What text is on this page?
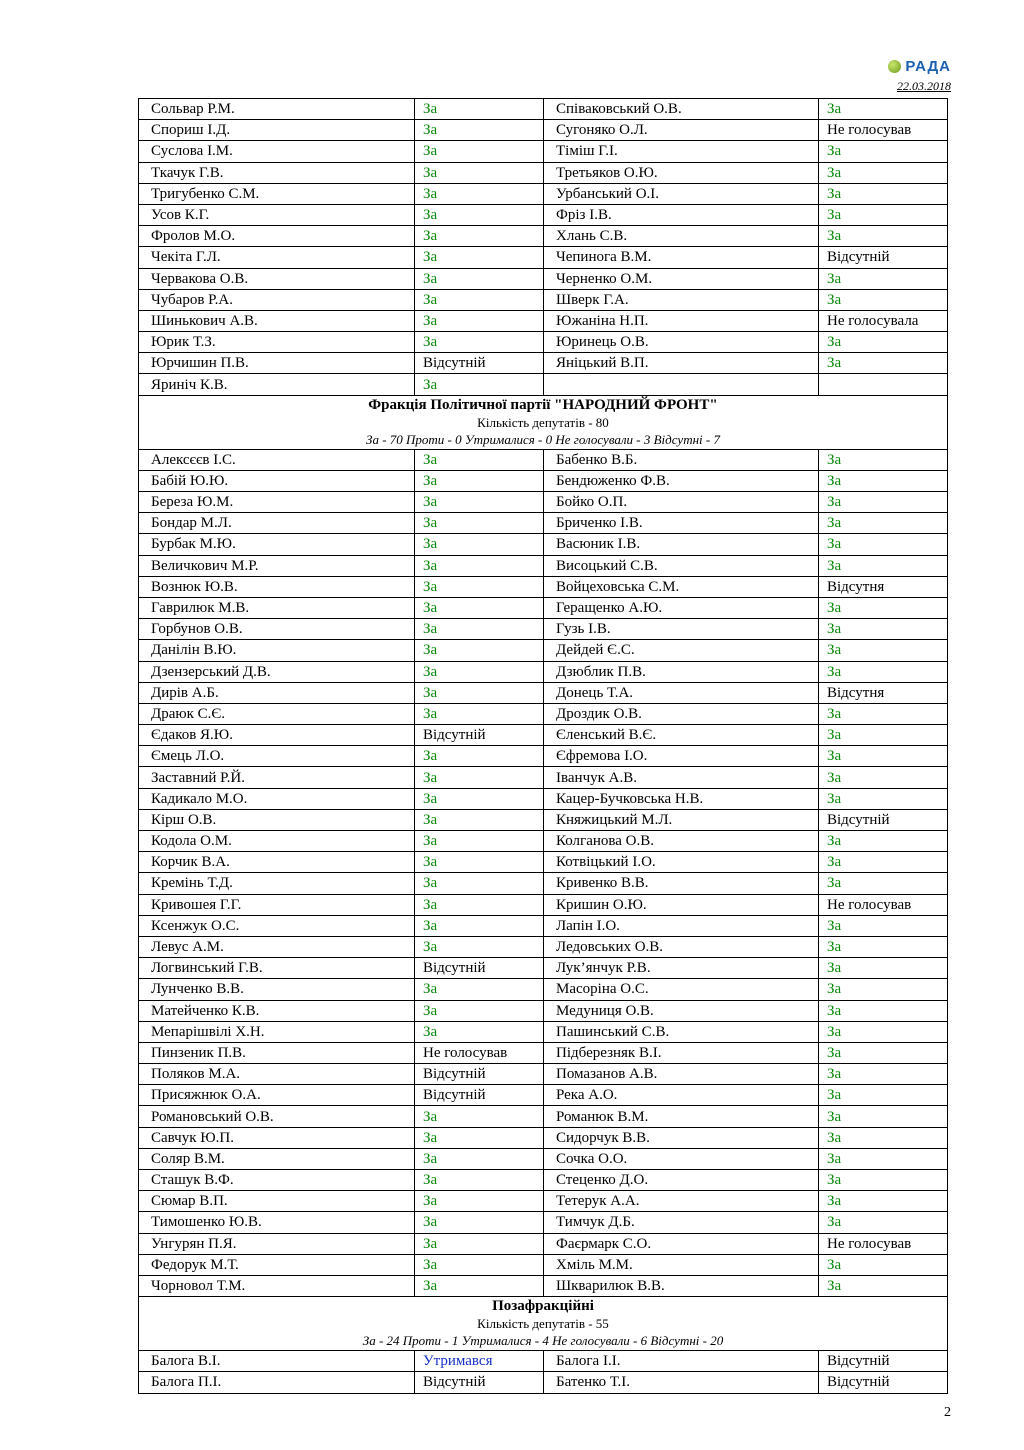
РАДА
22.03.2018
Сольвар Р.М.	За	Співаковський О.В.	За
Спориш І.Д.	За	Сугоняко О.Л.	Не голосував
Суслова І.М.	За	Тіміш Г.І.	За
Ткачук Г.В.	За	Третьяков О.Ю.	За
Тригубенко С.М.	За	Урбанський О.І.	За
Усов К.Г.	За	Фріз І.В.	За
Фролов М.О.	За	Хлань С.В.	За
Чекіта Г.Л.	За	Чепинога В.М.	Відсутній
Червакова О.В.	За	Черненко О.М.	За
Чубаров Р.А.	За	Шверк Г.А.	За
Шинькович А.В.	За	Южаніна Н.П.	Не голосувала
Юрик Т.З.	За	Юринець О.В.	За
Юрчишин П.В.	Відсутній	Яніцький В.П.	За
Яриніч К.В.	За		

Фракція Політичної партії "НАРОДНИЙ ФРОНТ"
Кількість депутатів - 80
За - 70 Проти - 0 Утрималися - 0 Не голосували - 3 Відсутні - 7			

Алексєєв І.С.	За	Бабенко В.Б.	За
Бабій Ю.Ю.	За	Бендюженко Ф.В.	За
Береза Ю.М.	За	Бойко О.П.	За
Бондар М.Л.	За	Бриченко І.В.	За
Бурбак М.Ю.	За	Васюник І.В.	За
Величкович М.Р.	За	Висоцький С.В.	За
Вознюк Ю.В.	За	Войцеховська С.М.	Відсутня
Гаврилюк М.В.	За	Геращенко А.Ю.	За
Горбунов О.В.	За	Гузь І.В.	За
Данілін В.Ю.	За	Дейдей Є.С.	За
Дзензерський Д.В.	За	Дзюблик П.В.	За
Дирів А.Б.	За	Донець Т.А.	Відсутня
Драюк С.Є.	За	Дроздик О.В.	За
Єдаков Я.Ю.	Відсутній	Єленський В.Є.	За
Ємець Л.О.	За	Єфремова І.О.	За
Заставний Р.Й.	За	Іванчук А.В.	За
Кадикало М.О.	За	Кацер-Бучковська Н.В.	За
Кірш О.В.	За	Княжицький М.Л.	Відсутній
Кодола О.М.	За	Колганова О.В.	За
Корчик В.А.	За	Котвіцький І.О.	За
Кремінь Т.Д.	За	Кривенко В.В.	За
Кривошея Г.Г.	За	Кришин О.Ю.	Не голосував
Ксенжук О.С.	За	Лапін І.О.	За
Левус А.М.	За	Ледовських О.В.	За
Логвинський Г.В.	Відсутній	Лук’янчук Р.В.	За
Лунченко В.В.	За	Масоріна О.С.	За
Матейченко К.В.	За	Медуниця О.В.	За
Мепарішвілі Х.Н.	За	Пашинський С.В.	За
Пинзеник П.В.	Не голосував	Підберезняк В.І.	За
Поляков М.А.	Відсутній	Помазанов А.В.	За
Присяжнюк О.А.	Відсутній	Река А.О.	За
Романовський О.В.	За	Романюк В.М.	За
Савчук Ю.П.	За	Сидорчук В.В.	За
Соляр В.М.	За	Сочка О.О.	За
Сташук В.Ф.	За	Стеценко Д.О.	За
Сюмар В.П.	За	Тетерук А.А.	За
Тимошенко Ю.В.	За	Тимчук Д.Б.	За
Унгурян П.Я.	За	Фаєрмарк С.О.	Не голосував
Федорук М.Т.	За	Хміль М.М.	За
Чорновол Т.М.	За	Шкварилюк В.В.	За

Позафракційні
Кількість депутатів - 55
За - 24 Проти - 1 Утрималися - 4 Не голосували - 6 Відсутні - 20			

Балога В.І.	Утримався	Балога І.І.	Відсутній
Балога П.І.	Відсутній	Батенко Т.І.	Відсутній
2
